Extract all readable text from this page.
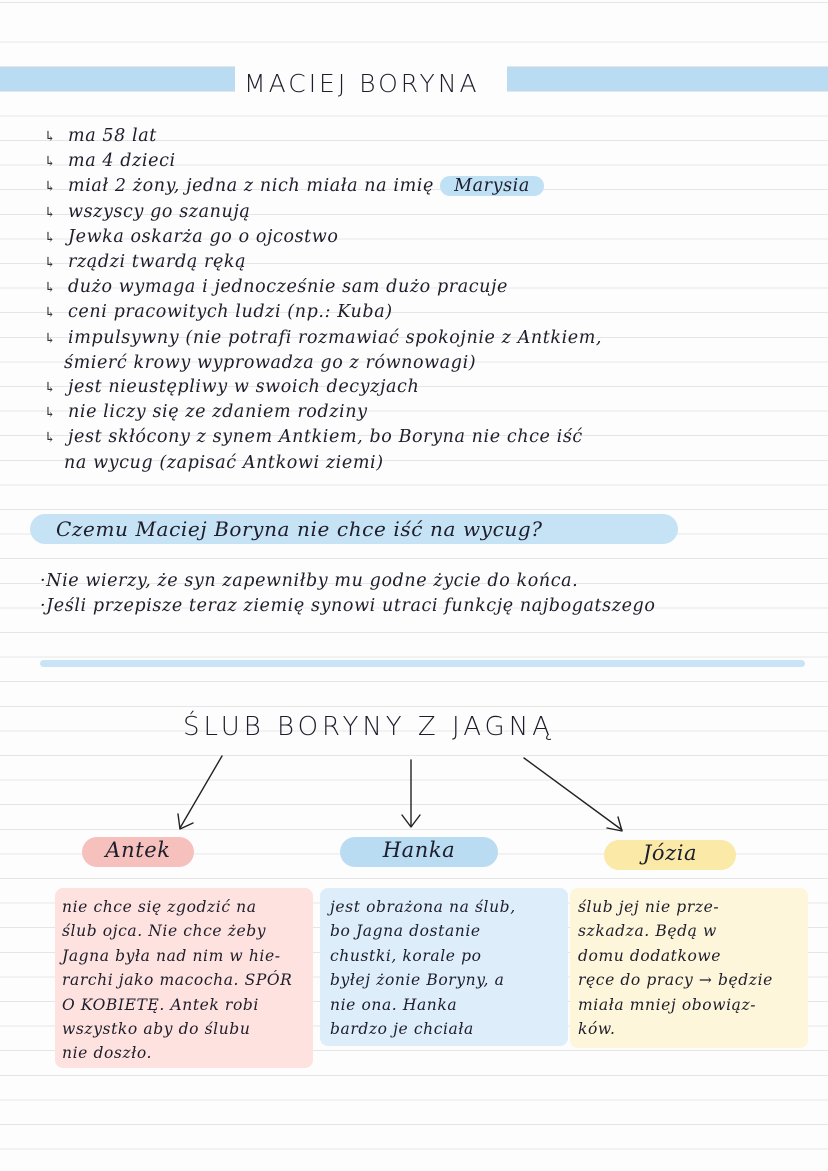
MACIEJ BORYNA
↳ ma 58 lat
↳ ma 4 dzieci
↳ miał 2 żony, jedna z nich miała na imię Marysia
↳ wszyscy go szanują
↳ Jewka oskarża go o ojcostwo
↳ rządzi twardą ręką
↳ dużo wymaga i jednocześnie sam dużo pracuje
↳ ceni pracowitych ludzi (np.: Kuba)
↳ impulsywny (nie potrafi rozmawiać spokojnie z Antkiem,
śmierć krowy wyprowadza go z równowagi)
↳ jest nieustępliwy w swoich decyzjach
↳ nie liczy się ze zdaniem rodziny
↳ jest skłócony z synem Antkiem, bo Boryna nie chce iść
na wycug (zapisać Antkowi ziemi)
Czemu Maciej Boryna nie chce iść na wycug?
·Nie wierzy, że syn zapewniłby mu godne życie do końca.
·Jeśli przepisze teraz ziemię synowi utraci funkcję najbogatszego
ŚLUB BORYNY Z JAGNĄ
Antek	Hanka	Józia
nie chce się zgodzić na
ślub ojca. Nie chce żeby
Jagna była nad nim w hie-
rarchi jako macocha. SPÓR
O KOBIETĘ. Antek robi
wszystko aby do ślubu
nie doszło.
jest obrażona na ślub,
bo Jagna dostanie
chustki, korale po
byłej żonie Boryny, a
nie ona. Hanka
bardzo je chciała
ślub jej nie prze-
szkadza. Będą w
domu dodatkowe
ręce do pracy → będzie
miała mniej obowiąz-
ków.
